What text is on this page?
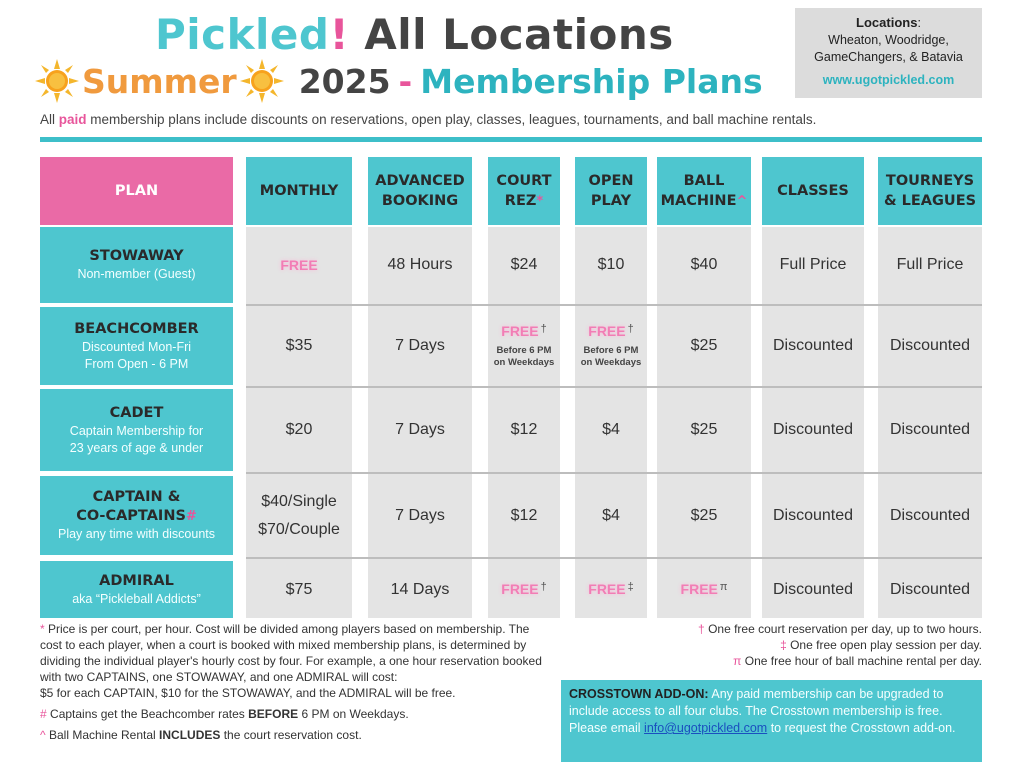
Pickled! All Locations
Summer 2025 - Membership Plans
Locations:
Wheaton, Woodridge,
GameChangers, & Batavia
www.ugotpickled.com
All paid membership plans include discounts on reservations, open play, classes, leagues, tournaments, and ball machine rentals.
PLAN
STOWAWAY
Non-member (Guest)
BEACHCOMBER
Discounted Mon-Fri
From Open - 6 PM
CADET
Captain Membership for
23 years of age & under
CAPTAIN &
CO-CAPTAINS#
Play any time with discounts
ADMIRAL
aka “Pickleball Addicts”
MONTHLY
FREE
$35
$20
$40/Single
$70/Couple
$75
ADVANCED
BOOKING
48 Hours
7 Days
7 Days
7 Days
14 Days
COURT
REZ*
$24
FREE †
Before 6 PM
on Weekdays
$12
$12
FREE †
OPEN
PLAY
$10
FREE †
Before 6 PM
on Weekdays
$4
$4
FREE ‡
BALL
MACHINE^
$40
$25
$25
$25
FREE $^\pi$
CLASSES
Full Price
Discounted
Discounted
Discounted
Discounted
TOURNEYS
& LEAGUES
Full Price
Discounted
Discounted
Discounted
Discounted

* Price is per court, per hour. Cost will be divided among players based on membership. The cost to each player, when a court is booked with mixed membership plans, is determined by dividing the individual player's hourly cost by four. For example, a one hour reservation booked with two CAPTAINS, one STOWAWAY, and one ADMIRAL will cost:
$5 for each CAPTAIN, $10 for the STOWAWAY, and the ADMIRAL will be free.

# Captains get the Beachcomber rates BEFORE 6 PM on Weekdays.

^ Ball Machine Rental INCLUDES the court reservation cost.

† One free court reservation per day, up to two hours.
‡ One free open play session per day.
π One free hour of ball machine rental per day.
CROSSTOWN ADD-ON: Any paid membership can be upgraded to include access to all four clubs. The Crosstown membership is free. Please email info@ugotpickled.com to request the Crosstown add-on.
